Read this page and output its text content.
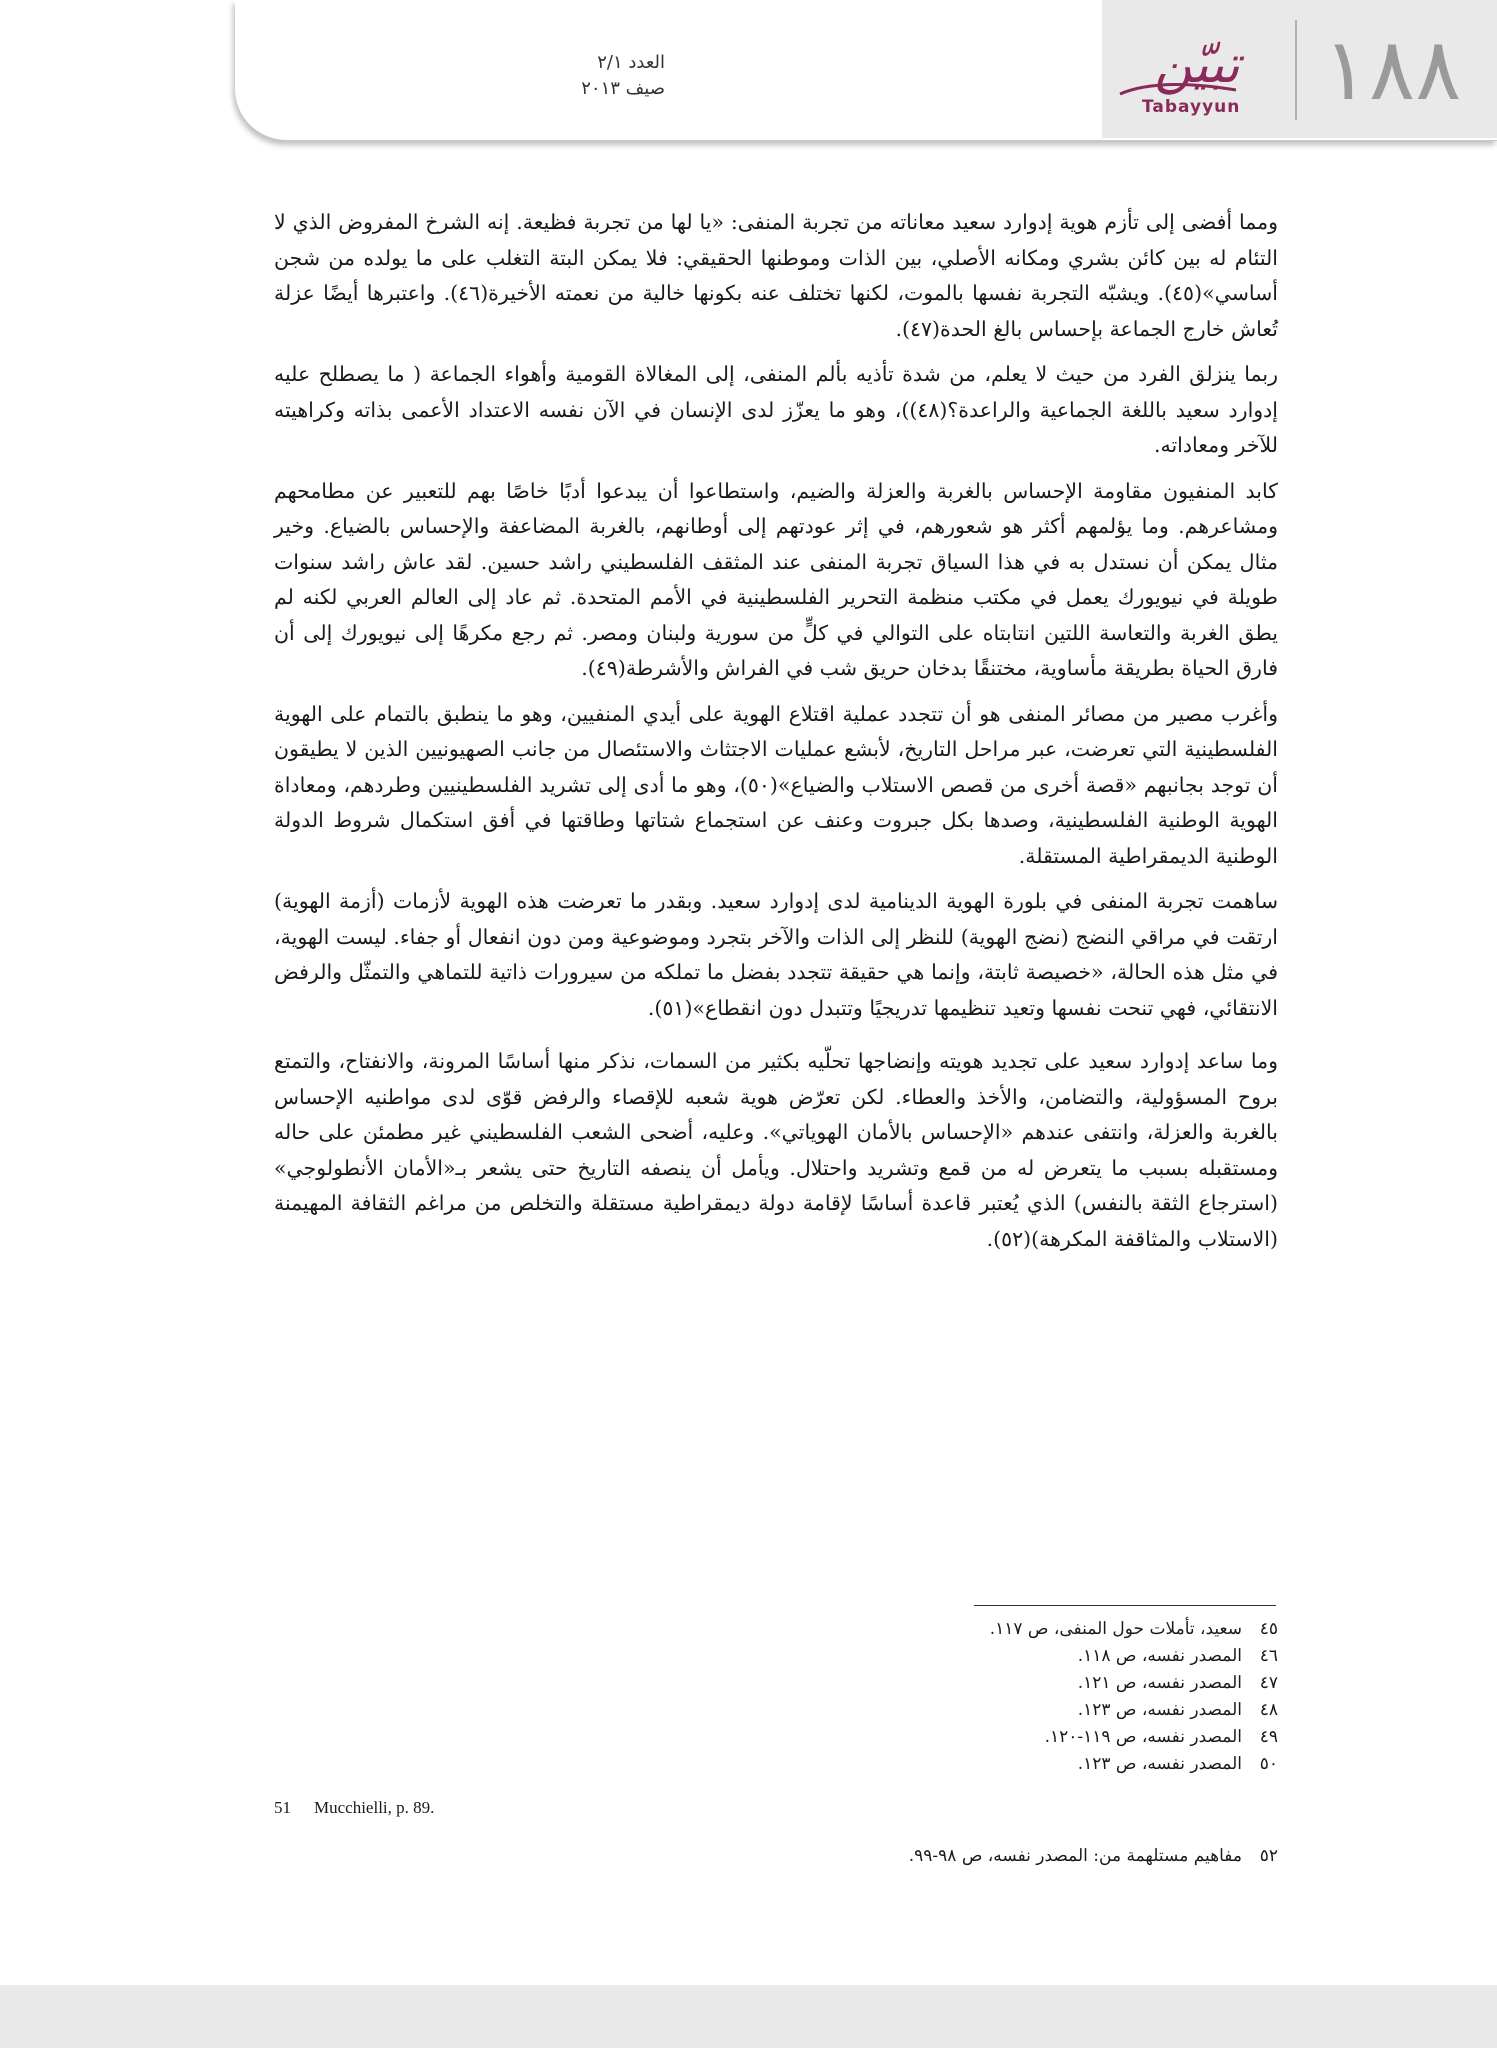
العدد ٢/١
صيف ٢٠١٣	١٨٨
تبيّن
Tabayyun

ومما أفضى إلى تأزم هوية إدوارد سعيد معاناته من تجربة المنفى: «يا لها من تجربة فظيعة. إنه الشرخ المفروض الذي لا التئام له بين كائن بشري ومكانه الأصلي، بين الذات وموطنها الحقيقي: فلا يمكن البتة التغلب على ما يولده من شجن أساسي»(٤٥). ويشبّه التجربة نفسها بالموت، لكنها تختلف عنه بكونها خالية من نعمته الأخيرة(٤٦). واعتبرها أيضًا عزلة تُعاش خارج الجماعة بإحساس بالغ الحدة(٤٧).

ربما ينزلق الفرد من حيث لا يعلم، من شدة تأذيه بألم المنفى، إلى المغالاة القومية وأهواء الجماعة ( ما يصطلح عليه إدوارد سعيد باللغة الجماعية والراعدة؟(٤٨))، وهو ما يعزّز لدى الإنسان في الآن نفسه الاعتداد الأعمى بذاته وكراهيته للآخر ومعاداته.

كابد المنفيون مقاومة الإحساس بالغربة والعزلة والضيم، واستطاعوا أن يبدعوا أدبًا خاصًا بهم للتعبير عن مطامحهم ومشاعرهم. وما يؤلمهم أكثر هو شعورهم، في إثر عودتهم إلى أوطانهم، بالغربة المضاعفة والإحساس بالضياع. وخير مثال يمكن أن نستدل به في هذا السياق تجربة المنفى عند المثقف الفلسطيني راشد حسين. لقد عاش راشد سنوات طويلة في نيويورك يعمل في مكتب منظمة التحرير الفلسطينية في الأمم المتحدة. ثم عاد إلى العالم العربي لكنه لم يطق الغربة والتعاسة اللتين انتابتاه على التوالي في كلٍّ من سورية ولبنان ومصر. ثم رجع مكرهًا إلى نيويورك إلى أن فارق الحياة بطريقة مأساوية، مختنقًا بدخان حريق شب في الفراش والأشرطة(٤٩).

وأغرب مصير من مصائر المنفى هو أن تتجدد عملية اقتلاع الهوية على أيدي المنفيين، وهو ما ينطبق بالتمام على الهوية الفلسطينية التي تعرضت، عبر مراحل التاريخ، لأبشع عمليات الاجتثاث والاستئصال من جانب الصهيونيين الذين لا يطيقون أن توجد بجانبهم «قصة أخرى من قصص الاستلاب والضياع»(٥٠)، وهو ما أدى إلى تشريد الفلسطينيين وطردهم، ومعاداة الهوية الوطنية الفلسطينية، وصدها بكل جبروت وعنف عن استجماع شتاتها وطاقتها في أفق استكمال شروط الدولة الوطنية الديمقراطية المستقلة.

ساهمت تجربة المنفى في بلورة الهوية الدينامية لدى إدوارد سعيد. وبقدر ما تعرضت هذه الهوية لأزمات (أزمة الهوية) ارتقت في مراقي النضج (نضج الهوية) للنظر إلى الذات والآخر بتجرد وموضوعية ومن دون انفعال أو جفاء. ليست الهوية، في مثل هذه الحالة، «خصيصة ثابتة، وإنما هي حقيقة تتجدد بفضل ما تملكه من سيرورات ذاتية للتماهي والتمثّل والرفض الانتقائي، فهي تنحت نفسها وتعيد تنظيمها تدريجيًا وتتبدل دون انقطاع»(٥١).

وما ساعد إدوارد سعيد على تجديد هويته وإنضاجها تحلّيه بكثير من السمات، نذكر منها أساسًا المرونة، والانفتاح، والتمتع بروح المسؤولية، والتضامن، والأخذ والعطاء. لكن تعرّض هوية شعبه للإقصاء والرفض قوّى لدى مواطنيه الإحساس بالغربة والعزلة، وانتفى عندهم «الإحساس بالأمان الهوياتي». وعليه، أضحى الشعب الفلسطيني غير مطمئن على حاله ومستقبله بسبب ما يتعرض له من قمع وتشريد واحتلال. ويأمل أن ينصفه التاريخ حتى يشعر بـ«الأمان الأنطولوجي» (استرجاع الثقة بالنفس) الذي يُعتبر قاعدة أساسًا لإقامة دولة ديمقراطية مستقلة والتخلص من مراغم الثقافة المهيمنة (الاستلاب والمثاقفة المكرهة)(٥٢).

٤٥سعيد، تأملات حول المنفى، ص ١١٧.

٤٦المصدر نفسه، ص ١١٨.

٤٧المصدر نفسه، ص ١٢١.

٤٨المصدر نفسه، ص ١٢٣.

٤٩المصدر نفسه، ص ١١٩-١٢٠.

٥٠المصدر نفسه، ص ١٢٣.

51 Mucchielli, p. 89.

٥٢مفاهيم مستلهمة من: المصدر نفسه، ص ٩٨-٩٩.
